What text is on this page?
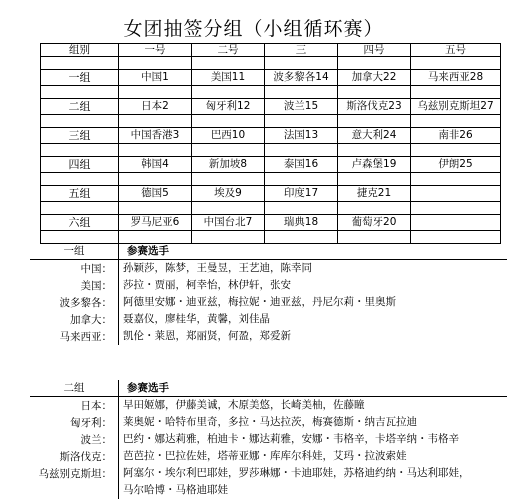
女团抽签分组（小组循环赛）
组别	一号	二号	三	四号	五号

一组	中国1	美国11	波多黎各14	加拿大22	马来西亚28

二组	日本2	匈牙利12	波兰15	斯洛伐克23	乌兹别克斯坦27

三组	中国香港3	巴西10	法国13	意大利24	南非26

四组	韩国4	新加坡8	泰国16	卢森堡19	伊朗25

五组	德国5	埃及9	印度17	捷克21	

六组	罗马尼亚6	中国台北7	瑞典18	葡萄牙20	

一组	参赛选手
中国：	孙颖莎，陈梦，王曼昱，王艺迪，陈幸同
美国：	莎拉・贾丽，柯幸怡，林伊轩，张安
波多黎各：	阿德里安娜・迪亚兹，梅拉妮・迪亚兹，丹尼尔莉・里奥斯
加拿大：	聂嘉仪，廖桂华，黄馨，刘佳晶
马来西亚：	凯伦・莱恩，郑丽贤，何盈，郑爱新
二组	参赛选手
日本：	早田姬娜，伊藤美诚，木原美悠，长崎美柚，佐藤瞳
匈牙利：	莱奥妮・哈特布里奇，多拉・马达拉茨，梅赛德斯・纳吉瓦拉迪
波兰：	巴约・娜达莉雅，柏迪卡・娜达莉雅，安娜・韦格辛，卡塔辛纳・韦格辛
斯洛伐克：	芭芭拉・巴拉佐娃，塔蒂亚娜・库库尔科娃，艾玛・拉波索娃
乌兹别克斯坦：	阿塞尔・埃尔利巴耶娃，罗莎琳娜・卡迪耶娃，苏格迪约纳・马达利耶娃，
马尔哈博・马格迪耶娃
